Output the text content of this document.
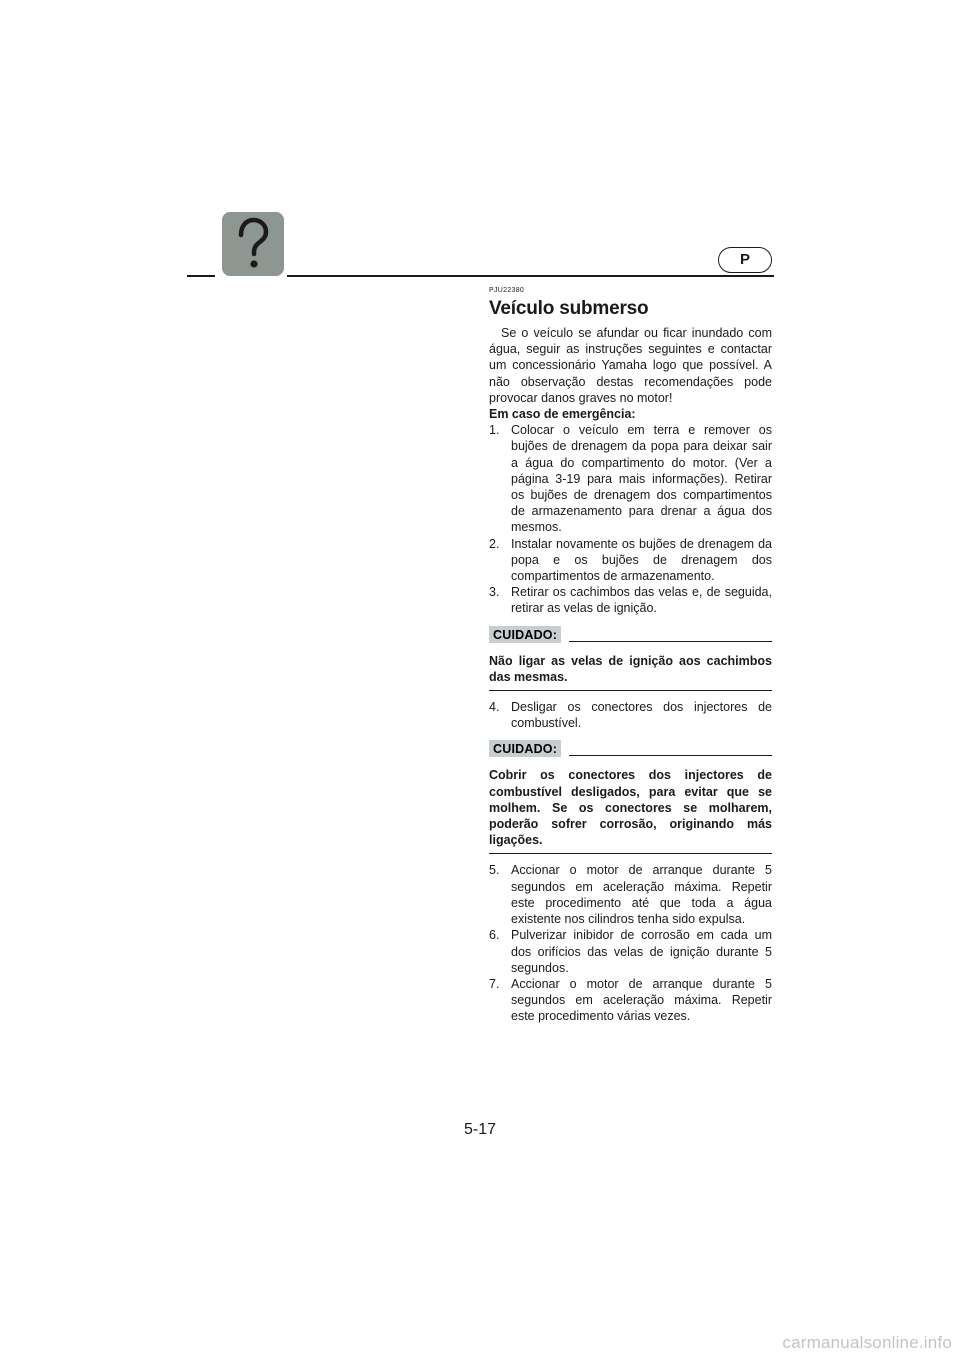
P

PJU22380

Veículo submerso

Se o veículo se afundar ou ficar inundado com água, seguir as instruções seguintes e contactar um concessionário Yamaha logo que possível. A não observação destas recomendações pode provocar danos graves no motor!

Em caso de emergência:

1. Colocar o veículo em terra e remover os bujões de drenagem da popa para deixar sair a água do compartimento do motor. (Ver a página 3-19 para mais informações). Retirar os bujões de drenagem dos compartimentos de armazenamento para drenar a água dos mesmos.
2. Instalar novamente os bujões de drenagem da popa e os bujões de drenagem dos compartimentos de armazenamento.
3. Retirar os cachimbos das velas e, de seguida, retirar as velas de ignição.
CUIDADO:

Não ligar as velas de ignição aos cachimbos das mesmas.

4. Desligar os conectores dos injectores de combustível.
CUIDADO:

Cobrir os conectores dos injectores de combustível desligados, para evitar que se molhem. Se os conectores se molharem, poderão sofrer corrosão, originando más ligações.

5. Accionar o motor de arranque durante 5 segundos em aceleração máxima. Repetir este procedimento até que toda a água existente nos cilindros tenha sido expulsa.
6. Pulverizar inibidor de corrosão em cada um dos orifícios das velas de ignição durante 5 segundos.
7. Accionar o motor de arranque durante 5 segundos em aceleração máxima. Repetir este procedimento várias vezes.
5-17
carmanualsonline.info
